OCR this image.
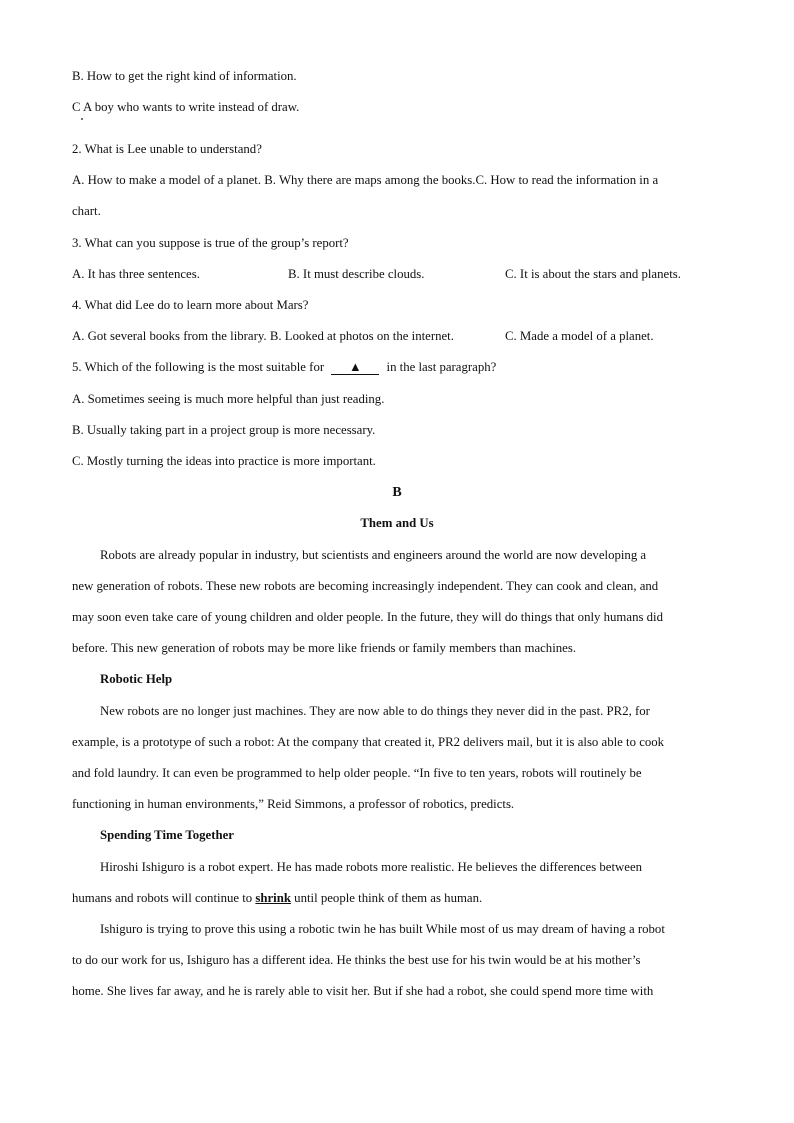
B. How to get the right kind of information.
C A boy who wants to write instead of draw.
2. What is Lee unable to understand?
A. How to make a model of a planet. B. Why there are maps among the books.C. How to read the information in a
chart.
3. What can you suppose is true of the group’s report?
A. It has three sentences.	B. It must describe clouds.	C. It is about the stars and planets.
4. What did Lee do to learn more about Mars?
A. Got several books from the library. B. Looked at photos on the internet.	C. Made a model of a planet.
5. Which of the following is the most suitable for ▲ in the last paragraph?
A. Sometimes seeing is much more helpful than just reading.
B. Usually taking part in a project group is more necessary.
C. Mostly turning the ideas into practice is more important.
B
Them and Us
Robots are already popular in industry, but scientists and engineers around the world are now developing a
new generation of robots. These new robots are becoming increasingly independent. They can cook and clean, and
may soon even take care of young children and older people. In the future, they will do things that only humans did
before. This new generation of robots may be more like friends or family members than machines.
Robotic Help
New robots are no longer just machines. They are now able to do things they never did in the past. PR2, for
example, is a prototype of such a robot: At the company that created it, PR2 delivers mail, but it is also able to cook
and fold laundry. It can even be programmed to help older people. “In five to ten years, robots will routinely be
functioning in human environments,” Reid Simmons, a professor of robotics, predicts.
Spending Time Together
Hiroshi Ishiguro is a robot expert. He has made robots more realistic. He believes the differences between
humans and robots will continue to shrink until people think of them as human.
Ishiguro is trying to prove this using a robotic twin he has built While most of us may dream of having a robot
to do our work for us, Ishiguro has a different idea. He thinks the best use for his twin would be at his mother’s
home. She lives far away, and he is rarely able to visit her. But if she had a robot, she could spend more time with
